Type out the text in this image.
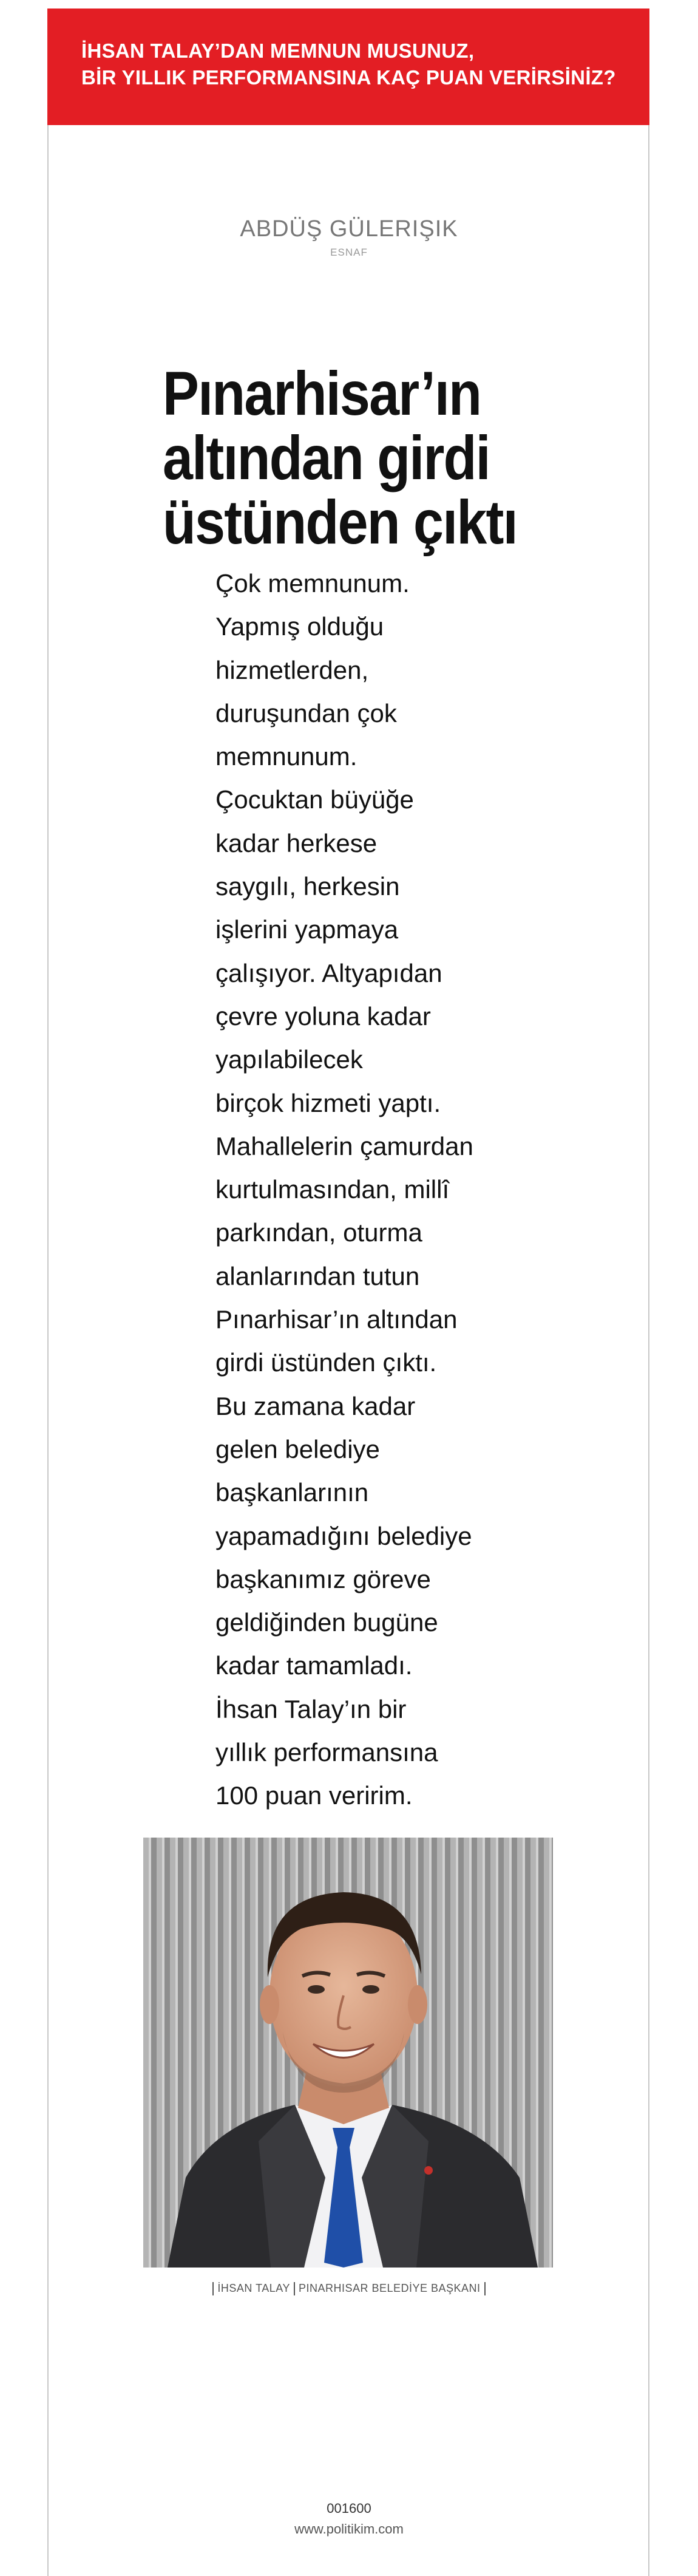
İHSAN TALAY’DAN MEMNUN MUSUNUZ,
BİR YILLIK PERFORMANSINA KAÇ PUAN VERİRSİNİZ?
ABDÜŞ GÜLERIŞIK
ESNAF
Pınarhisar’ın
altından girdi
üstünden çıktı
Çok memnunum.
Yapmış olduğu
hizmetlerden,
duruşundan çok
memnunum.
Çocuktan büyüğe
kadar herkese
saygılı, herkesin
işlerini yapmaya
çalışıyor. Altyapıdan
çevre yoluna kadar
yapılabilecek
birçok hizmeti yaptı.
Mahallelerin çamurdan
kurtulmasından, millî
parkından, oturma
alanlarından tutun
Pınarhisar’ın altından
girdi üstünden çıktı.
Bu zamana kadar
gelen belediye
başkanlarının
yapamadığını belediye
başkanımız göreve
geldiğinden bugüne
kadar tamamladı.
İhsan Talay’ın bir
yıllık performansına
100 puan veririm.
İHSAN TALAY PINARHISAR BELEDİYE BAŞKANI
001600
www.politikim.com
